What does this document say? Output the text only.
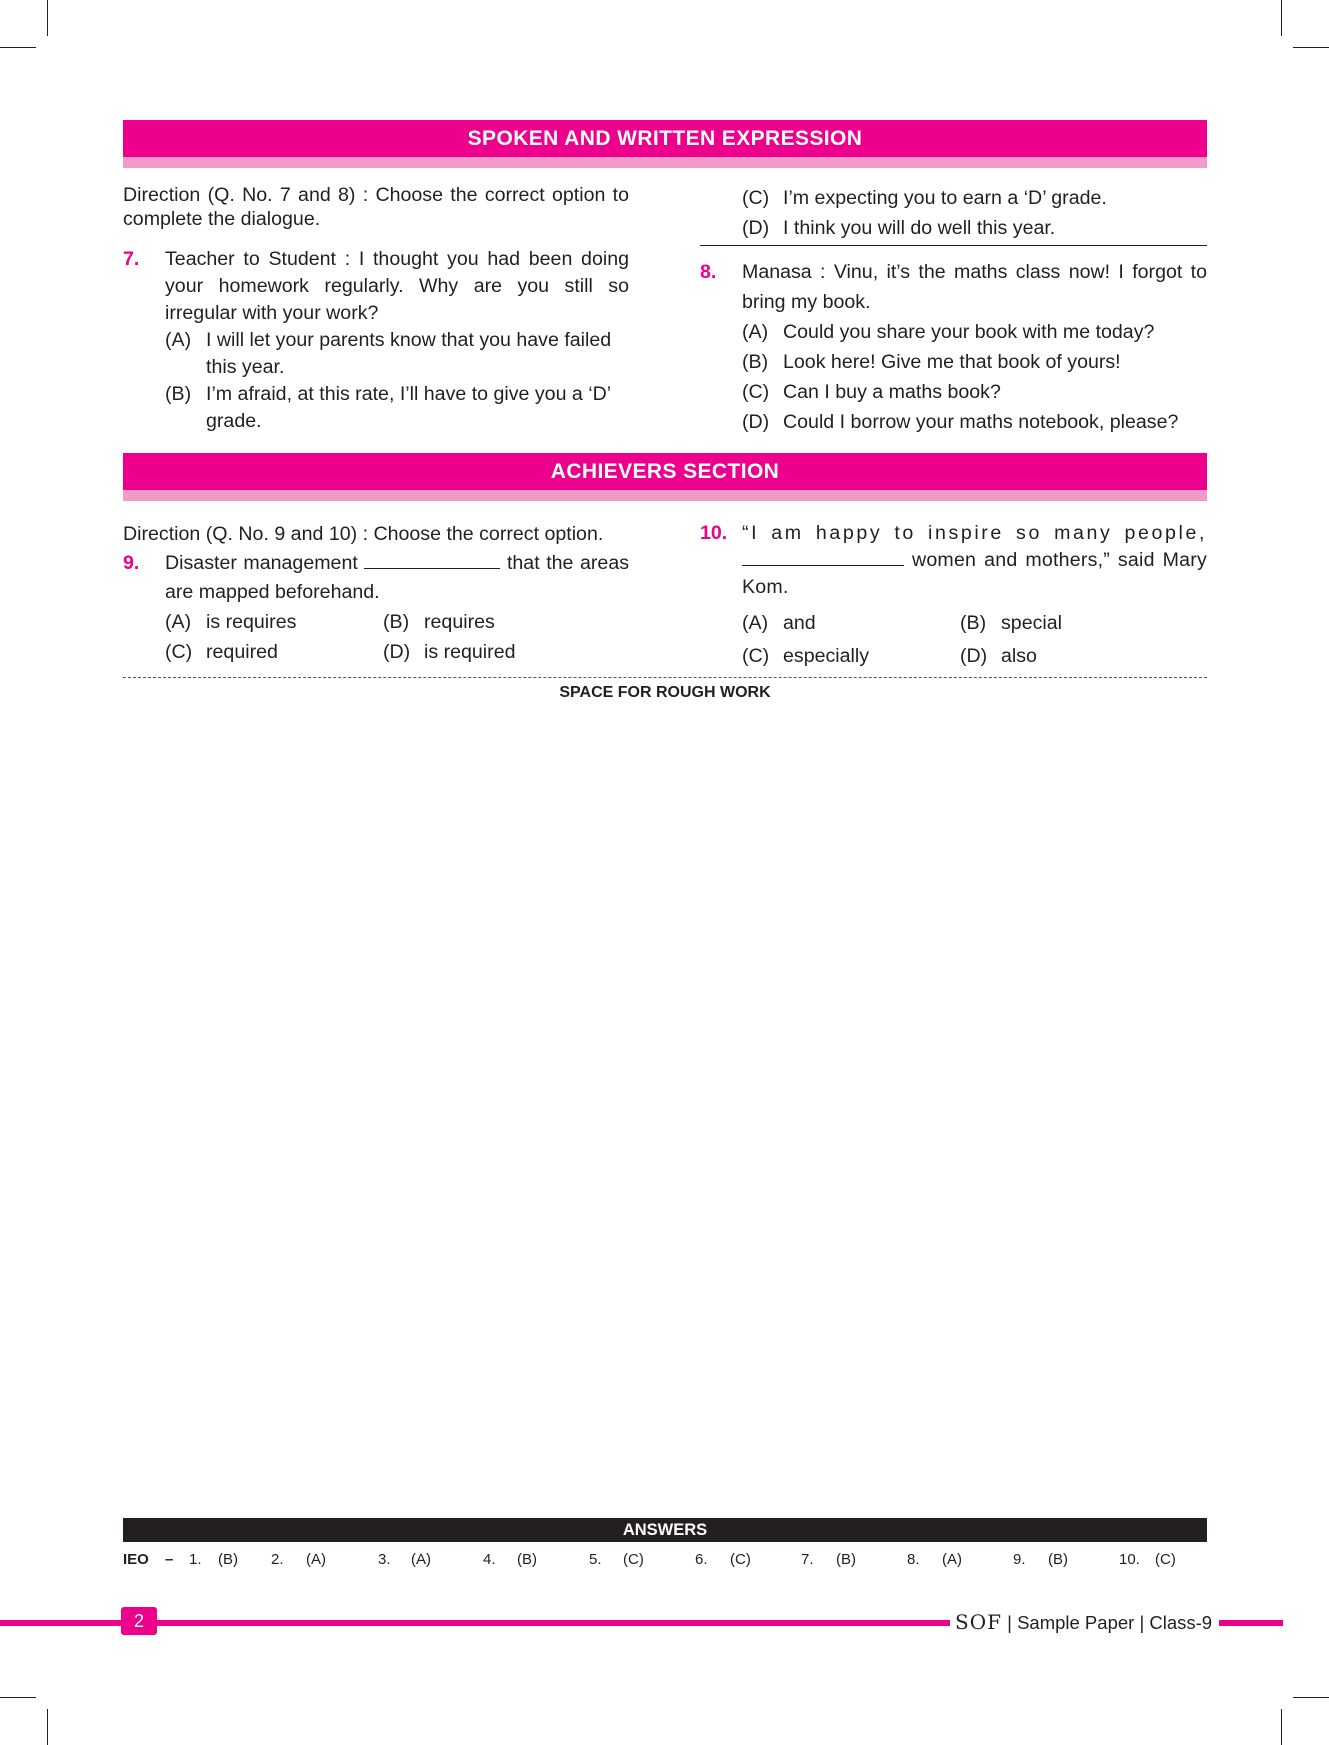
SPOKEN AND WRITTEN EXPRESSION

Direction (Q. No. 7 and 8) : Choose the correct option to complete the dialogue.

7. Teacher to Student : I thought you had been doing your homework regularly. Why are you still so irregular with your work?

(A) I will let your parents know that you have failed this year.
(B) I’m afraid, at this rate, I’ll have to give you a ‘D’ grade.
(C) I’m expecting you to earn a ‘D’ grade.
(D) I think you will do well this year.
8. Manasa : Vinu, it’s the maths class now! I forgot to bring my book.

(A) Could you share your book with me today?
(B) Look here! Give me that book of yours!
(C) Can I buy a maths book?
(D) Could I borrow your maths notebook, please?
ACHIEVERS SECTION

Direction (Q. No. 9 and 10) : Choose the correct option.

9. Disaster management	that the areas are mapped beforehand.

(A) is requires	(B) requires
(C) required	(D) is required
10. “I am happy to inspire so many people,  women and mothers,” said Mary Kom.

(A) and	(B) special
(C) especially	(D) also
SPACE FOR ROUGH WORK
ANSWERS
IEO – 1. (B) 2. (A)	3. (A)	4. (B)	5. (C)	6. (C)	7. (B)	8. (A)	9. (B)	10. (C)
2	SOF | Sample Paper | Class-9
